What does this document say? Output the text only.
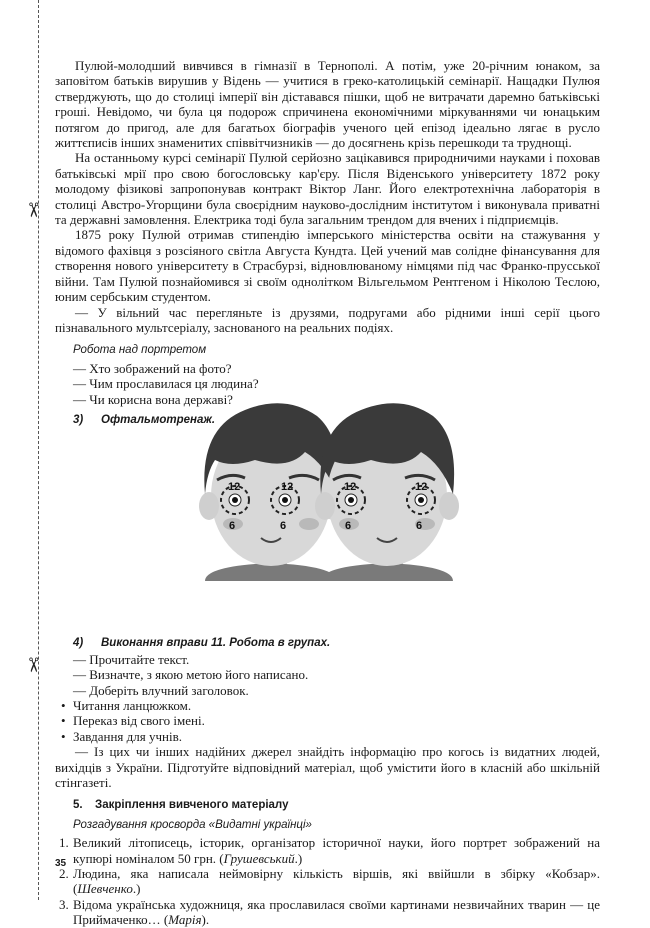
✂
✂

Пулюй-молодший вивчився в гімназії в Тернополі. А потім, уже 20-річним юнаком, за заповітом батьків вирушив у Відень — учитися в греко-католицькій семінарії. Нащадки Пулюя стверджують, що до столиці імперії він діставався пішки, щоб не витрачати даремно батьківські гроші. Невідомо, чи була ця подорож спричинена економічними міркуваннями чи юнацьким потягом до пригод, але для багатьох біографів ученого цей епізод ідеально лягає в русло життєписів інших знаменитих співвітчизників — до досягнень крізь перешкоди та труднощі.

На останньому курсі семінарії Пулюй серйозно зацікавився природничими науками і поховав батьківські мрії про свою богословську кар'єру. Після Віденського університету 1872 року молодому фізикові запропонував контракт Віктор Ланг. Його електротехнічна лабораторія в столиці Австро-Угорщини була своєрідним науково-дослідним інститутом і виконувала приватні та державні замовлення. Електрика тоді була загальним трендом для вчених і підприємців.

1875 року Пулюй отримав стипендію імперського міністерства освіти на стажування у відомого фахівця з розсіяного світла Августа Кундта. Цей учений мав солідне фінансування для створення нового університету в Страсбурзі, відновлюваному німцями під час Франко-прусської війни. Там Пулюй познайомився зі своїм однолітком Вільгельмом Рентгеном і Ніколою Теслою, юним сербським студентом.

— У вільний час перегляньте із друзями, подругами або рідними інші серії цього пізнавального мультсеріалу, заснованого на реальних подіях.

Робота над портретом
— Хто зображений на фото?
— Чим прославилася ця людина?
— Чи корисна вона державі?
3) Офтальмотренаж.
4) Виконання вправи 11. Робота в групах.
— Прочитайте текст.
— Визначте, з якою метою його написано.
— Доберіть влучний заголовок.
• Читання ланцюжком.
• Переказ від свого імені.
• Завдання для учнів.

— Із цих чи інших надійних джерел знайдіть інформацію про когось із видатних людей, вихідців з України. Підготуйте відповідний матеріал, щоб умістити його в класній або шкільній стінгазеті.

5. Закріплення вивченого матеріалу
Розгадування кросворда «Видатні українці»
1. Великий літописець, історик, організатор історичної науки, його портрет зображений на купюрі номіналом 50 грн. (Грушевський.)
2. Людина, яка написала неймовірну кількість віршів, які ввійшли в збірку «Кобзар». (Шевченко.)
3. Відома українська художниця, яка прославилася своїми картинами незвичайних тварин — це Приймаченко… (Марія).
12	12
6	6
12	12
6	6
35
